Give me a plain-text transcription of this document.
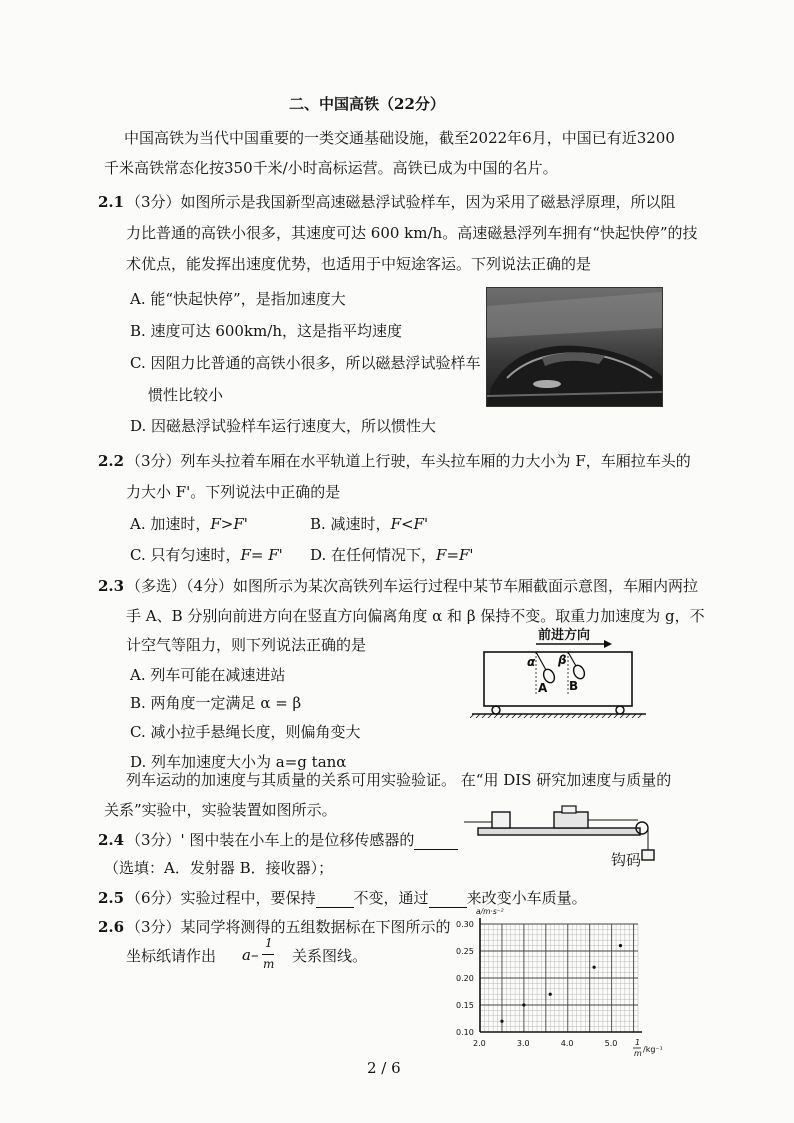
二、中国高铁（22分）
中国高铁为当代中国重要的一类交通基础设施，截至2022年6月，中国已有近3200
千米高铁常态化按350千米/小时高标运营。高铁已成为中国的名片。
2.1 （3分）如图所示是我国新型高速磁悬浮试验样车，因为采用了磁悬浮原理，所以阻
力比普通的高铁小很多，其速度可达 600 km/h。高速磁悬浮列车拥有“快起快停”的技
术优点，能发挥出速度优势，也适用于中短途客运。下列说法正确的是
A. 能“快起快停”，是指加速度大
B. 速度可达 600km/h，这是指平均速度
C. 因阻力比普通的高铁小很多，所以磁悬浮试验样车
惯性比较小
D. 因磁悬浮试验样车运行速度大，所以惯性大
2.2 （3分）列车头拉着车厢在水平轨道上行驶，车头拉车厢的力大小为 F，车厢拉车头的
力大小 F'。下列说法中正确的是
A. 加速时，F>F'	B. 减速时，F<F'
C. 只有匀速时，F= F' D. 在任何情况下，F=F'
2.3 （多选）（4分）如图所示为某次高铁列车运行过程中某节车厢截面示意图，车厢内两拉
手 A、B 分别向前进方向在竖直方向偏离角度 α 和 β 保持不变。取重力加速度为 g，不
计空气等阻力，则下列说法正确的是
A. 列车可能在减速进站
B. 两角度一定满足 α = β
C. 减小拉手悬绳长度，则偏角变大
D. 列车加速度大小为 a=g tanα
前进方向
α β
A B
列车运动的加速度与其质量的关系可用实验验证。 在“用 DIS 研究加速度与质量的
关系”实验中，实验装置如图所示。
钩码
2.4 （3分）' 图中装在小车上的是位移传感器的
（选填：A．发射器 B．接收器）；
2.5 （6分）实验过程中，要保持	不变，通过	来改变小车质量。
2.6 （3分）某同学将测得的五组数据标在下图所示的
坐标纸请作出 a–
1
m 关系图线。
a/m·s⁻²
0.30
0.25
0.20
0.15
0.10
2.0	3.0	4.0	5.0 1
m /kg⁻¹
2 / 6
